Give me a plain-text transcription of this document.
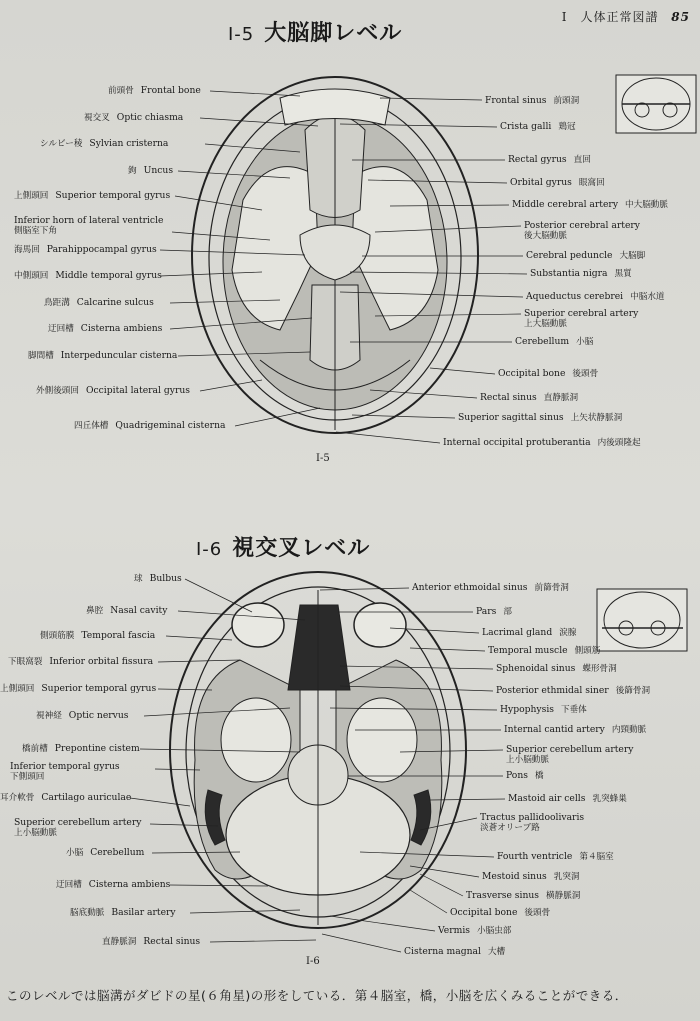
I　人体正常図譜 85
Ⅰ-5 大脳脚レベル
前頭骨 Frontal bone
視交叉 Optic chiasma
シルビー稜 Sylvian cristerna
鉤 Uncus
上側頭回 Superior temporal gyrus
Inferior horn of lateral ventricle
側脳室下角
海馬回 Parahippocampal gyrus
中側頭回 Middle temporal gyrus
鳥距溝 Calcarine sulcus
迂回槽 Cisterna ambiens
脚間槽 Interpeduncular cisterna
外側後頭回 Occipital lateral gyrus
四丘体槽 Quadrigeminal cisterna
Frontal sinus 前頭洞
Crista galli 鶏冠
Rectal gyrus 直回
Orbital gyrus 眼窩回
Middle cerebral artery 中大脳動脈
Posterior cerebral artery
後大脳動脈
Cerebral peduncle 大脳脚
Substantia nigra 黒質
Aqueductus cerebrei 中脳水道
Superior cerebral artery
上大脳動脈
Cerebellum 小脳
Occipital bone 後頭骨
Rectal sinus 直静脈洞
Superior sagittal sinus 上矢状静脈洞
Internal occipital protuberantia 内後頭隆起
Ⅰ-5
Ⅰ-6 視交叉レベル
球 Bulbus
鼻腔 Nasal cavity
側頭筋膜 Temporal fascia
下眼窩裂 Inferior orbital fissura
上側頭回 Superior temporal gyrus
視神経 Optic nervus
橋前槽 Prepontine cistem
Inferior temporal gyrus
下側頭回
耳介軟骨 Cartilago auriculae
Superior cerebellum artery
上小脳動脈
小脳 Cerebellum
迂回槽 Cisterna ambiens
脳底動脈 Basilar artery
直静脈洞 Rectal sinus
Anterior ethmoidal sinus 前篩骨洞
Pars 部
Lacrimal gland 涙腺
Temporal muscle 側頭筋
Sphenoidal sinus 蝶形骨洞
Posterior ethmidal siner 後篩骨洞
Hypophysis 下垂体
Internal cantid artery 内頸動脈
Superior cerebellum artery
上小脳動脈
Pons 橋
Mastoid air cells 乳突蜂巣
Tractus pallidoolivaris
淡蒼オリーブ路
Fourth ventricle 第４脳室
Mestoid sinus 乳突洞
Trasverse sinus 横静脈洞
Occipital bone 後頭骨
Vermis 小脳虫部
Cisterna magnal 大槽
Ⅰ-6
このレベルでは脳溝がダビドの星(６角星)の形をしている．第４脳室，橋，小脳を広くみることができる．
